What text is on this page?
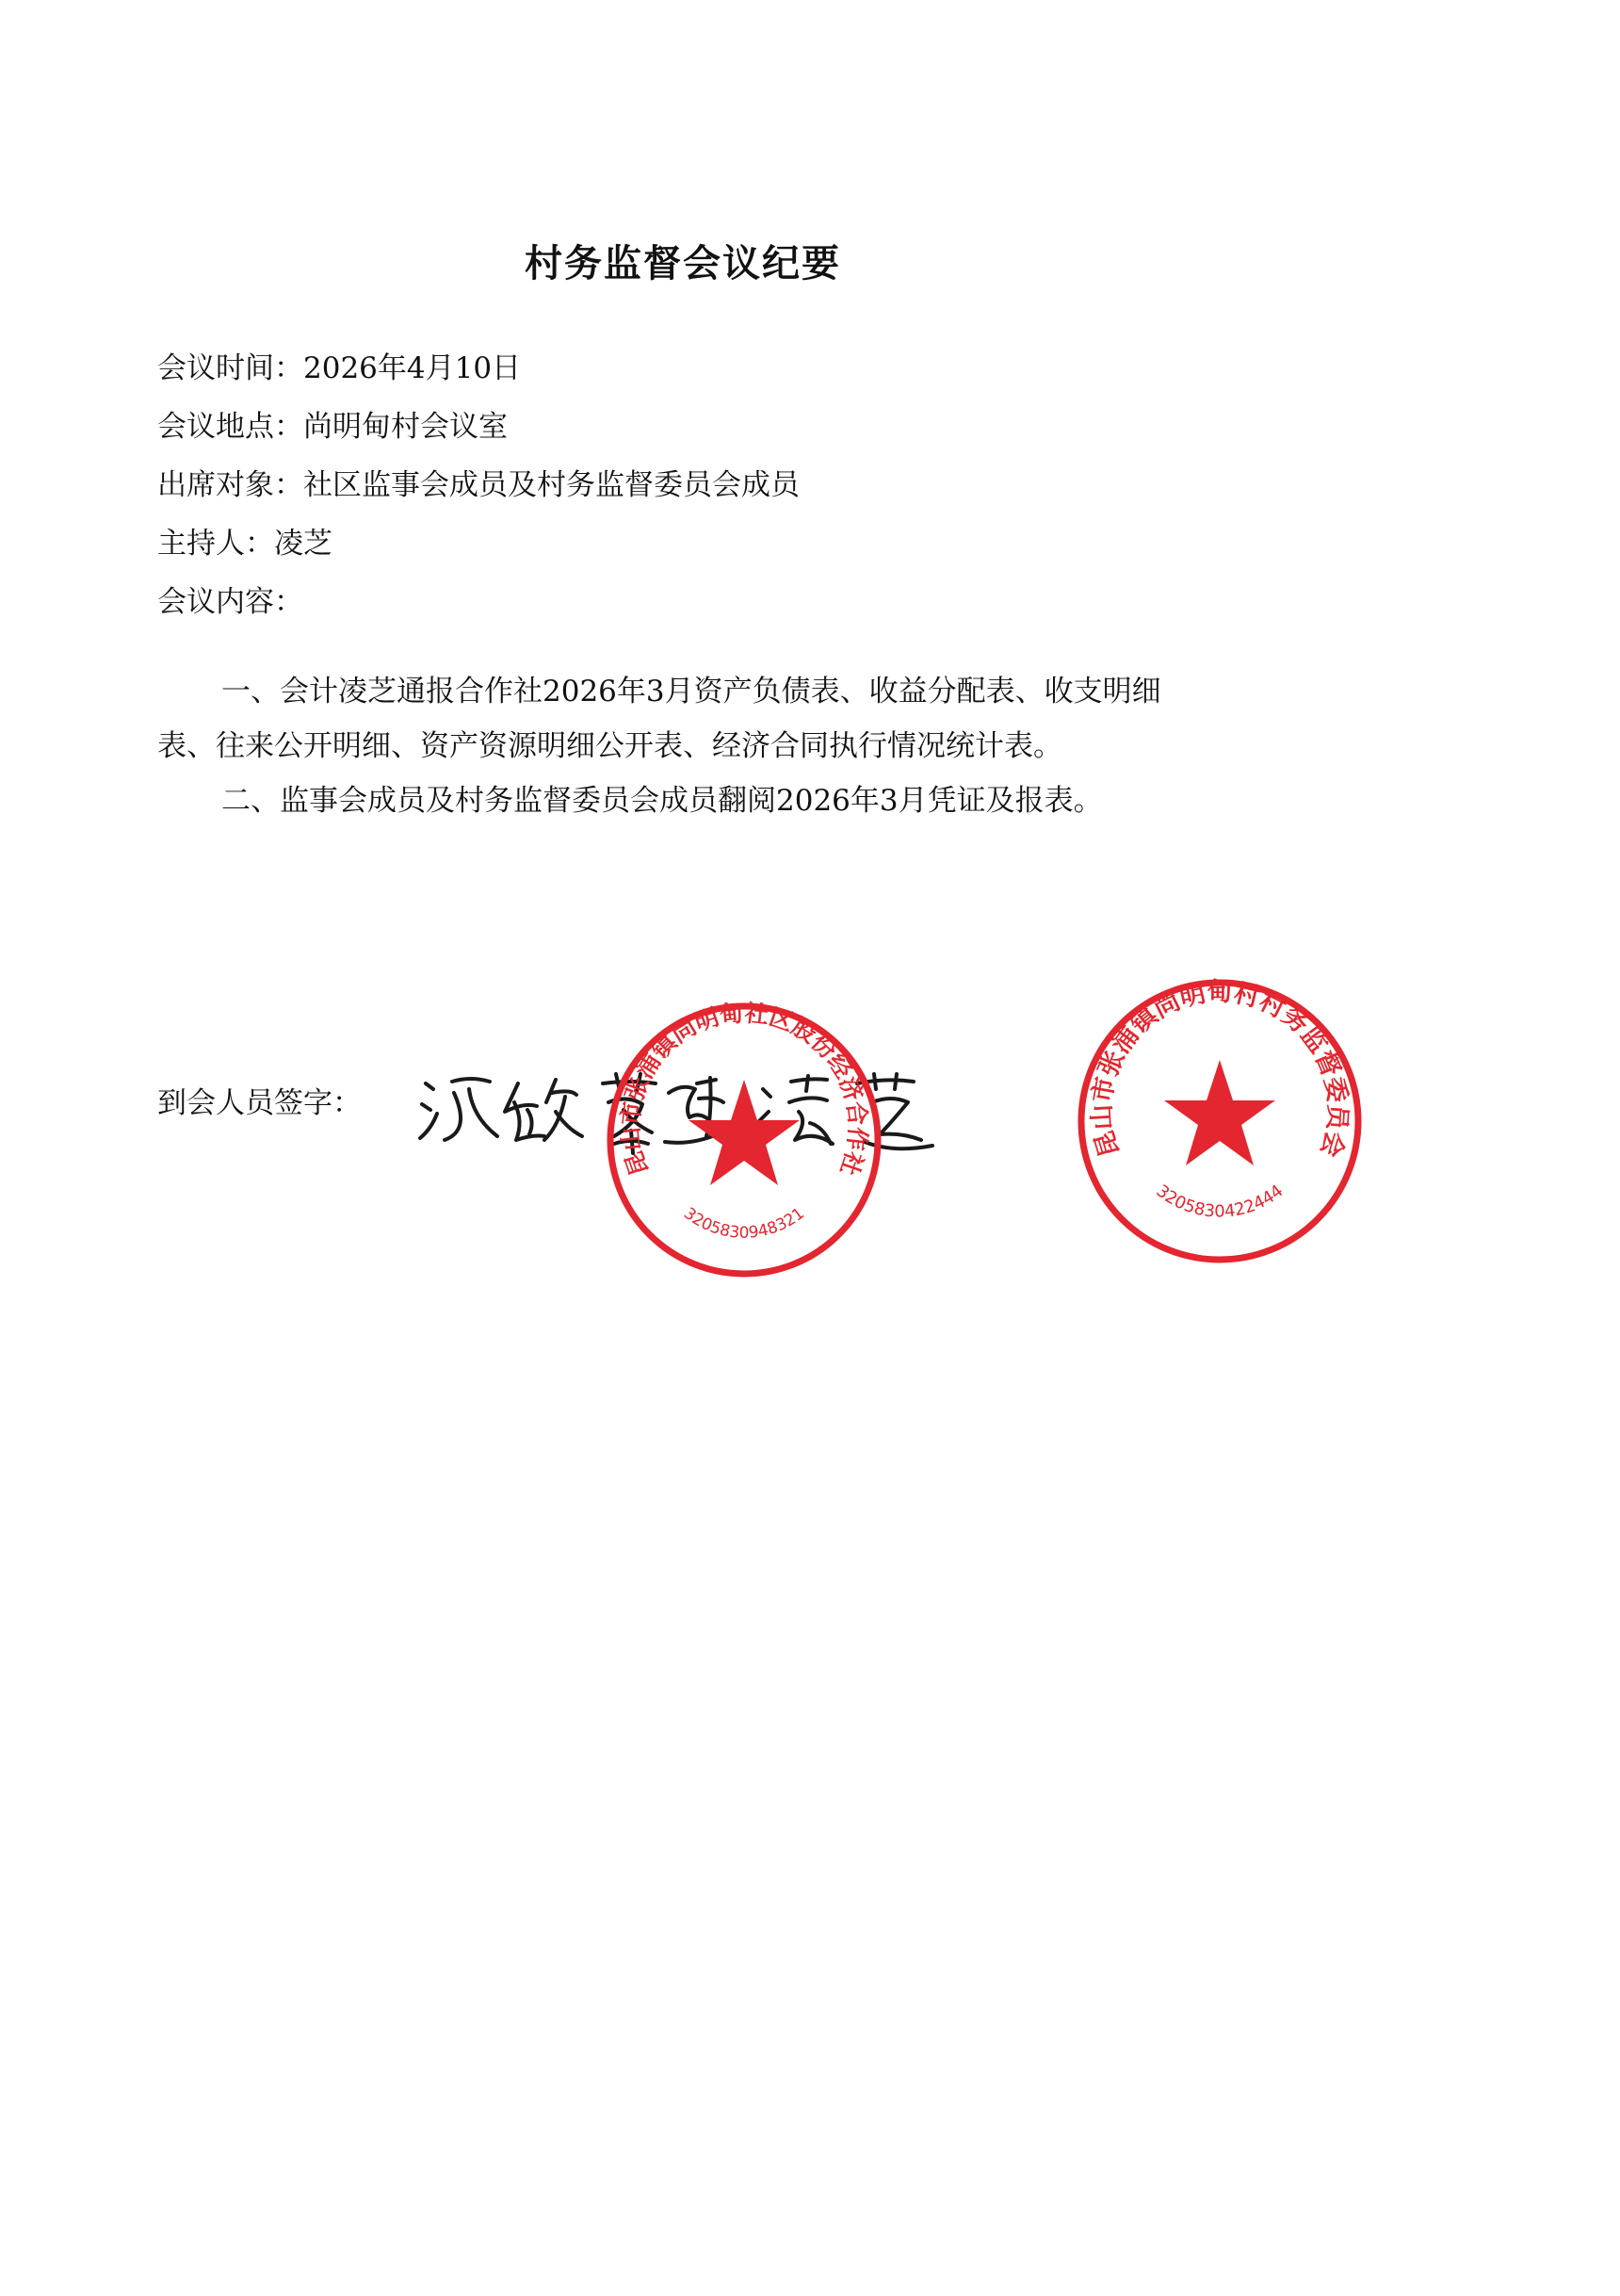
村务监督会议纪要
会议时间：2026年4月10日
会议地点：尚明甸村会议室
出席对象：社区监事会成员及村务监督委员会成员
主持人：凌芝
会议内容：

一、会计凌芝通报合作社2026年3月资产负债表、收益分配表、收支明细表、往来公开明细、资产资源明细公开表、经济合同执行情况统计表。

二、监事会成员及村务监督委员会成员翻阅2026年3月凭证及报表。

到会人员签字：
昆山市张浦镇尚明甸社区股份经济合作社
3205830948321
昆山市张浦镇尚明甸村村务监督委员会
3205830422444
